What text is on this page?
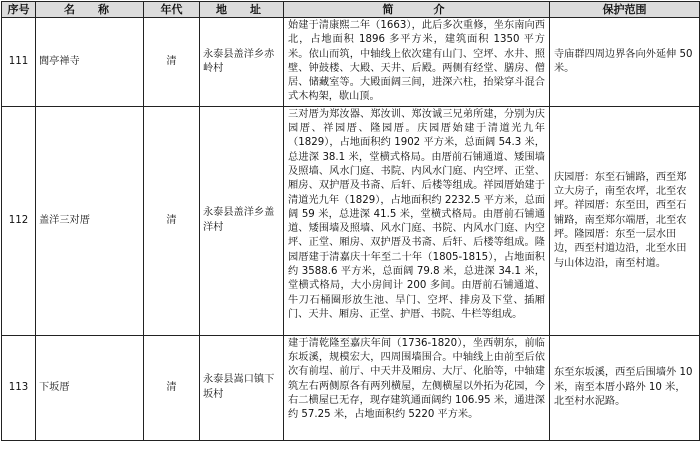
序号	名　称	年代	地　址	简　　介	保护范围
111	閭亭禅寺	清	永泰县盖洋乡赤岭村	始建于清康熙二年（1663），此后多次重修，坐东南向西北，占地面积 1896 多平方米，建筑面积 1350 平方米。依山而筑，中轴线上依次建有山门、空坪、水井、照壁、钟鼓楼、大殿、天井、后殿。两侧有经堂、膳房、僧居、储藏室等。大殿面阔三间，进深六柱，抬梁穿斗混合式木构架，歇山顶。	寺庙群四周边界各向外延伸 50 米。
112	盖洋三对厝	清	永泰县盖洋乡盖洋村	三对厝为郑汝器、郑汝训、郑汝诚三兄弟所建，分别为庆园厝、祥园厝、隆园厝。庆园厝始建于清道光九年（1829），占地面积约 1902 平方米，总面阔 54.3 米，总进深 38.1 米，堂横式格局。由厝前石铺通道、矮围墙及照墙、风水门庭、书院、内风水门庭、内空坪、正堂、厢房、双护厝及书斋、后轩、后楼等组成。祥园厝始建于清道光九年（1829），占地面积约 2232.5 平方米，总面阔 59 米，总进深 41.5 米，堂横式格局。由厝前石铺通道、矮围墙及照墙、风水门庭、书院、内风水门庭、内空坪、正堂、厢房、双护厝及书斋、后轩、后楼等组成。隆园厝建于清嘉庆十年至二十年（1805-1815），占地面积约 3588.6 平方米，总面阔 79.8 米，总进深 34.1 米，堂横式格局，大小房间计 200 多间。由厝前石铺通道、牛刀石桶圈形放生池、旱门、空坪、排房及下堂、插厢门、天井、厢房、正堂、护厝、书院、牛栏等组成。	庆园厝：东至石铺路，西至郑立大房子，南至农坪，北至农坪。祥园厝：东至田，西至石铺路，南至郑尔端厝，北至农坪。隆园厝：东至一层水田边，西至村道边沿，北至水田与山体边沿，南至村道。
113	下坂厝	清	永泰县嵩口镇下坂村	建于清乾隆至嘉庆年间（1736-1820），坐西朝东，前临东坂溪，规模宏大，四周围墙围合。中轴线上由前至后依次有前埕、前厅、中天井及厢房、大厅、化胎等，中轴建筑左右两侧原各有两列横屋，左侧横屋以外拓为花园，今右二横屋已无存，现存建筑通面阔约 106.95 米，通进深约 57.25 米，占地面积约 5220 平方米。	东至东坂溪，西至后围墙外 10 米，南至本厝小路外 10 米，北至村水泥路。
